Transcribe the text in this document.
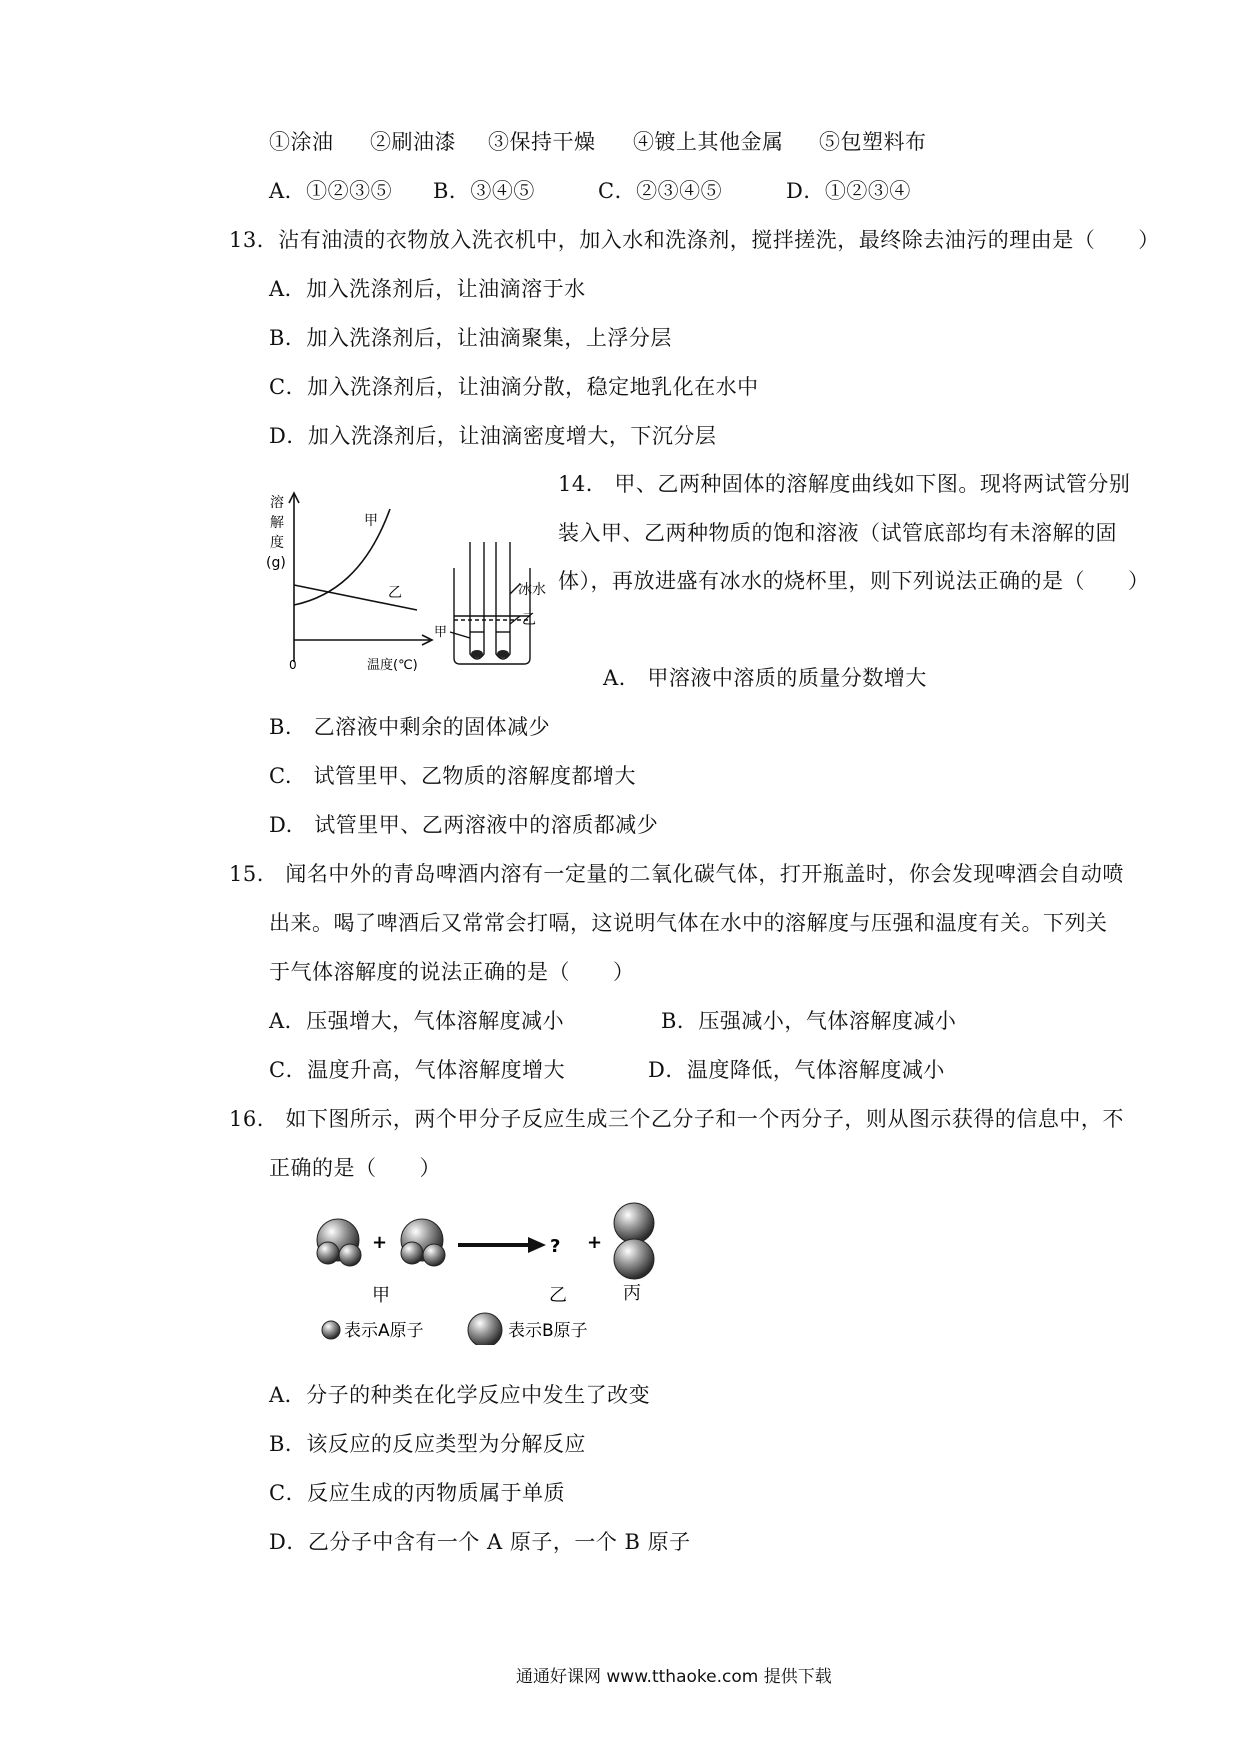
①涂油 ②刷油漆 ③保持干燥 ④镀上其他金属 ⑤包塑料布
A．①②③⑤ B．③④⑤	C．②③④⑤	D．①②③④
13．沾有油渍的衣物放入洗衣机中，加入水和洗涤剂，搅拌搓洗，最终除去油污的理由是（　　）
A．加入洗涤剂后，让油滴溶于水
B．加入洗涤剂后，让油滴聚集，上浮分层
C．加入洗涤剂后，让油滴分散，稳定地乳化在水中
D．加入洗涤剂后，让油滴密度增大，下沉分层
14.　甲、乙两种固体的溶解度曲线如下图。现将两试管分别
装入甲、乙两种物质的饱和溶液（试管底部均有未溶解的固
体），再放进盛有冰水的烧杯里，则下列说法正确的是（　　）
溶
解
度
(g)
甲
乙
0	温度(℃)
冰水
乙
甲
A.　甲溶液中溶质的质量分数增大
B.　乙溶液中剩余的固体减少
C.　试管里甲、乙物质的溶解度都增大
D.　试管里甲、乙两溶液中的溶质都减少
15.　闻名中外的青岛啤酒内溶有一定量的二氧化碳气体，打开瓶盖时，你会发现啤酒会自动喷
出来。喝了啤酒后又常常会打嗝，这说明气体在水中的溶解度与压强和温度有关。下列关
于气体溶解度的说法正确的是（　　）
A．压强增大，气体溶解度减小	B．压强减小，气体溶解度减小
C．温度升高，气体溶解度增大	D．温度降低，气体溶解度减小
16.　如下图所示，两个甲分子反应生成三个乙分子和一个丙分子，则从图示获得的信息中，不
正确的是（　　）
+	? +
甲	乙	丙
表示A原子	表示B原子
A．分子的种类在化学反应中发生了改变
B．该反应的反应类型为分解反应
C．反应生成的丙物质属于单质
D．乙分子中含有一个 A 原子，一个 B 原子
通通好课网 www.tthaoke.com 提供下载
